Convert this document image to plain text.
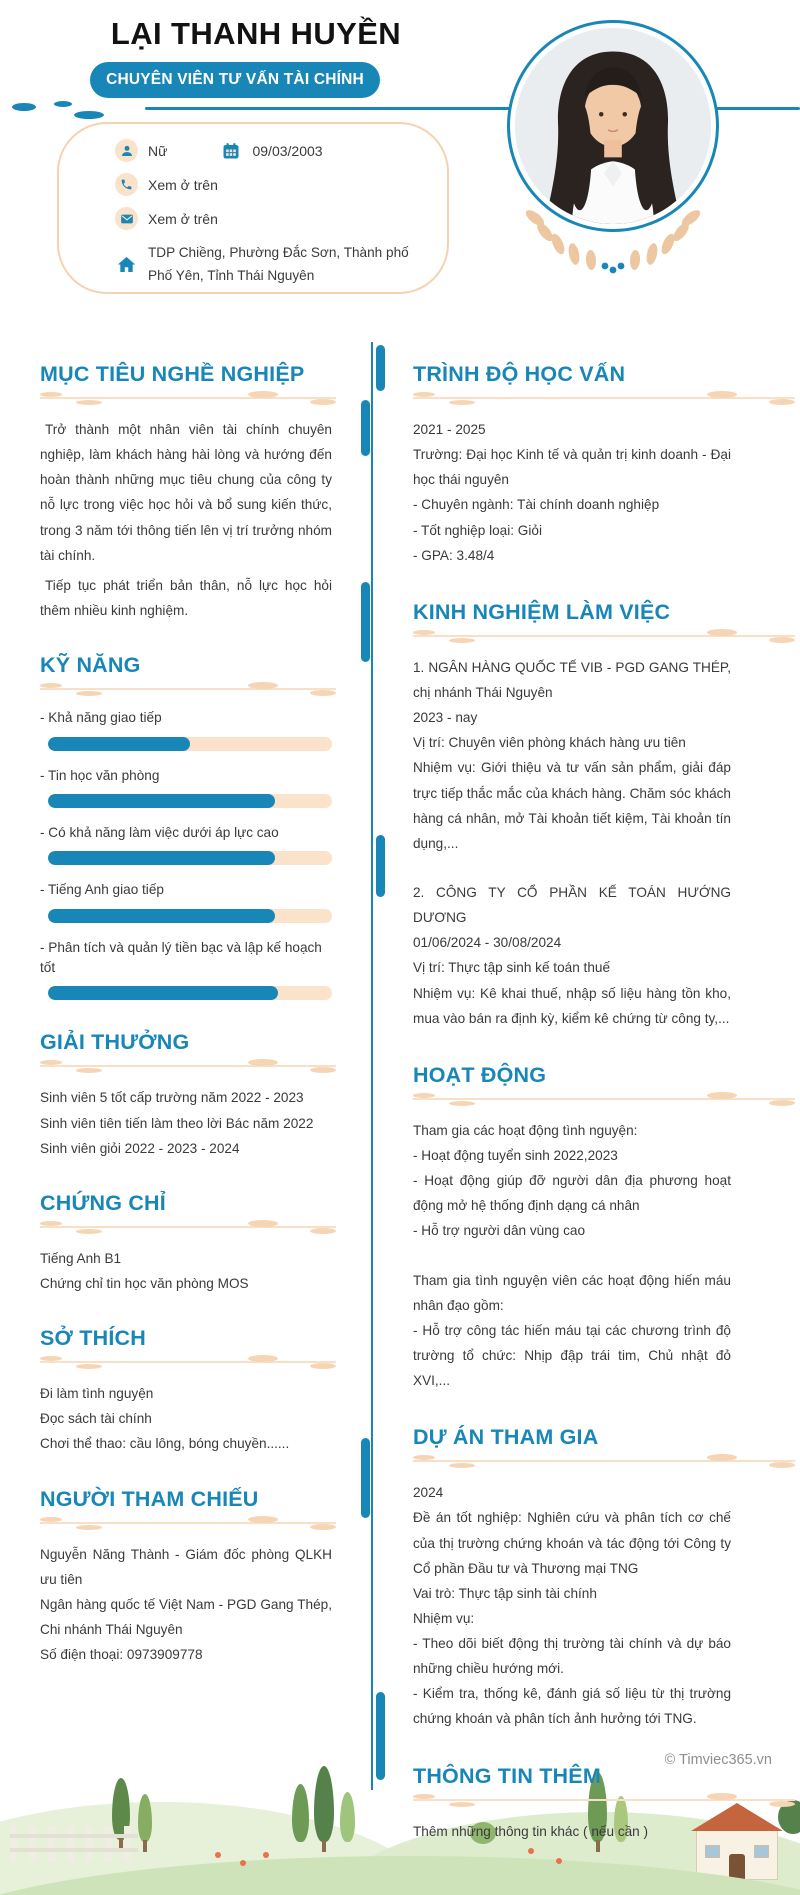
LẠI THANH HUYỀN
CHUYÊN VIÊN TƯ VẤN TÀI CHÍNH
Nữ	09/03/2003
Xem ở trên
Xem ở trên
TDP Chiềng, Phường Đắc Sơn, Thành phố
Phố Yên, Tỉnh Thái Nguyên
MỤC TIÊU NGHỀ NGHIỆP

Trở thành một nhân viên tài chính chuyên nghiệp, làm khách hàng hài lòng và hướng đến hoàn thành những mục tiêu chung của công ty nỗ lực trong việc học hỏi và bổ sung kiến thức, trong 3 năm tới thông tiến lên vị trí trưởng nhóm tài chính.

Tiếp tục phát triển bản thân, nỗ lực học hỏi thêm nhiều kinh nghiệm.

KỸ NĂNG
- Khả năng giao tiếp
- Tin học văn phòng
- Có khả năng làm việc dưới áp lực cao
- Tiếng Anh giao tiếp
- Phân tích và quản lý tiền bạc và lập kế hoạch tốt
GIẢI THƯỞNG
Sinh viên 5 tốt cấp trường năm 2022 - 2023
Sinh viên tiên tiến làm theo lời Bác năm 2022
Sinh viên giỏi 2022 - 2023 - 2024
CHỨNG CHỈ
Tiếng Anh B1
Chứng chỉ tin học văn phòng MOS
SỞ THÍCH
Đi làm tình nguyện
Đọc sách tài chính
Chơi thể thao: cầu lông, bóng chuyền......
NGƯỜI THAM CHIẾU
Nguyễn Năng Thành - Giám đốc phòng QLKH ưu tiên
Ngân hàng quốc tế Việt Nam - PGD Gang Thép, Chi nhánh Thái Nguyên
Số điện thoại: 0973909778
TRÌNH ĐỘ HỌC VẤN
2021 - 2025
Trường: Đại học Kinh tế và quản trị kinh doanh - Đại học thái nguyên
- Chuyên ngành: Tài chính doanh nghiệp
- Tốt nghiệp loại: Giỏi
- GPA: 3.48/4
KINH NGHIỆM LÀM VIỆC
1. NGÂN HÀNG QUỐC TẾ VIB - PGD GANG THÉP, chị nhánh Thái Nguyên
2023 - nay
Vị trí: Chuyên viên phòng khách hàng ưu tiên
Nhiệm vụ: Giới thiệu và tư vấn sản phẩm, giải đáp trực tiếp thắc mắc của khách hàng. Chăm sóc khách hàng cá nhân, mở Tài khoản tiết kiệm, Tài khoản tín dụng,...
2. CÔNG TY CỔ PHẦN KẾ TOÁN HƯỚNG DƯƠNG
01/06/2024 - 30/08/2024
Vị trí: Thực tập sinh kế toán thuế
Nhiệm vụ: Kê khai thuế, nhập số liệu hàng tồn kho, mua vào bán ra định kỳ, kiểm kê chứng từ công ty,...
HOẠT ĐỘNG
Tham gia các hoạt động tình nguyện:
- Hoạt động tuyển sinh 2022,2023
- Hoạt động giúp đỡ người dân địa phương hoạt động mở hệ thống định dạng cá nhân
- Hỗ trợ người dân vùng cao
Tham gia tình nguyện viên các hoạt động hiến máu nhân đạo gồm:
- Hỗ trợ công tác hiến máu tại các chương trình độ trường tổ chức: Nhịp đập trái tim, Chủ nhật đỏ XVI,...
DỰ ÁN THAM GIA
2024
Đề án tốt nghiệp: Nghiên cứu và phân tích cơ chế của thị trường chứng khoán và tác động tới Công ty Cổ phần Đầu tư và Thương mại TNG
Vai trò: Thực tập sinh tài chính
Nhiệm vụ:
- Theo dõi biết động thị trường tài chính và dự báo những chiều hướng mới.
- Kiểm tra, thống kê, đánh giá số liệu từ thị trường chứng khoán và phân tích ảnh hưởng tới TNG.
THÔNG TIN THÊM
Thêm những thông tin khác ( nếu cần )
© Timviec365.vn
